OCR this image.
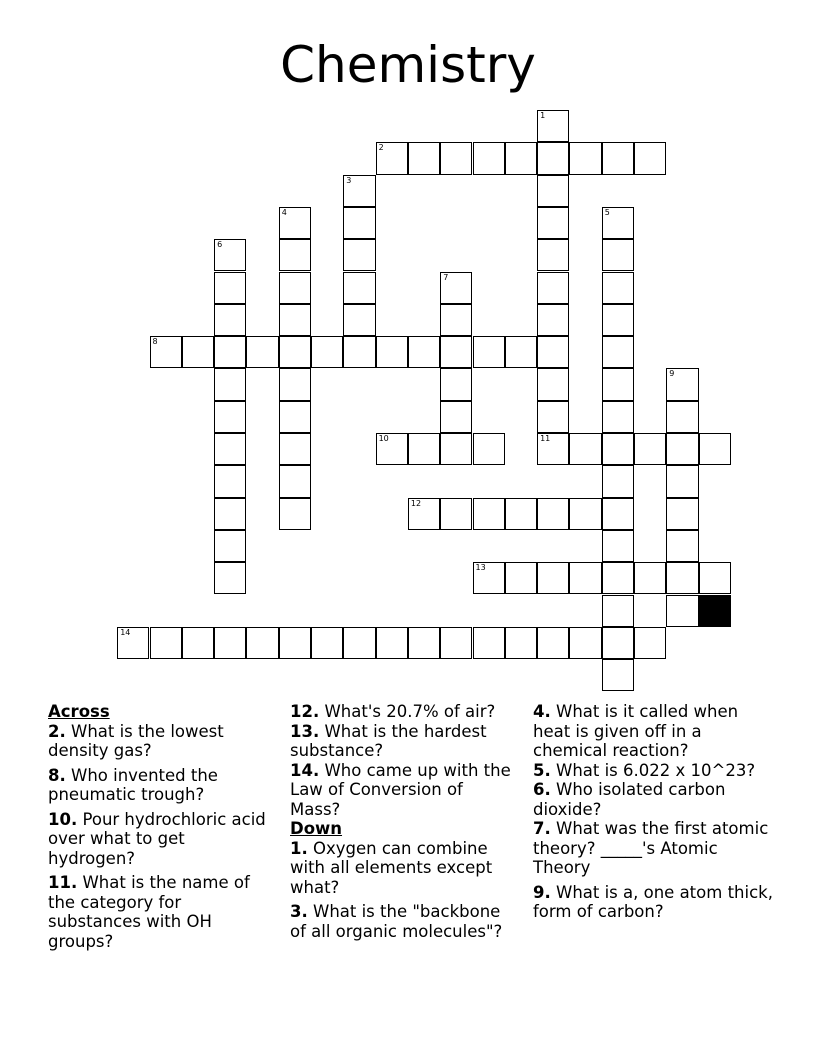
Chemistry
1
2
3
4	5
6
7
8
9
10	11
12
13
14
Across
2. What is the lowest density gas?
8. Who invented the pneumatic trough?
10. Pour hydrochloric acid over what to get hydrogen?
11. What is the name of the category for substances with OH groups?
12. What's 20.7% of air?
13. What is the hardest substance?
14. Who came up with the Law of Conversion of Mass?
Down
1. Oxygen can combine with all elements except what?
3. What is the "backbone of all organic molecules"?
4. What is it called when heat is given off in a chemical reaction?
5. What is 6.022 x 10^23?
6. Who isolated carbon dioxide?
7. What was the first atomic theory? _____'s Atomic Theory
9. What is a, one atom thick, form of carbon?
